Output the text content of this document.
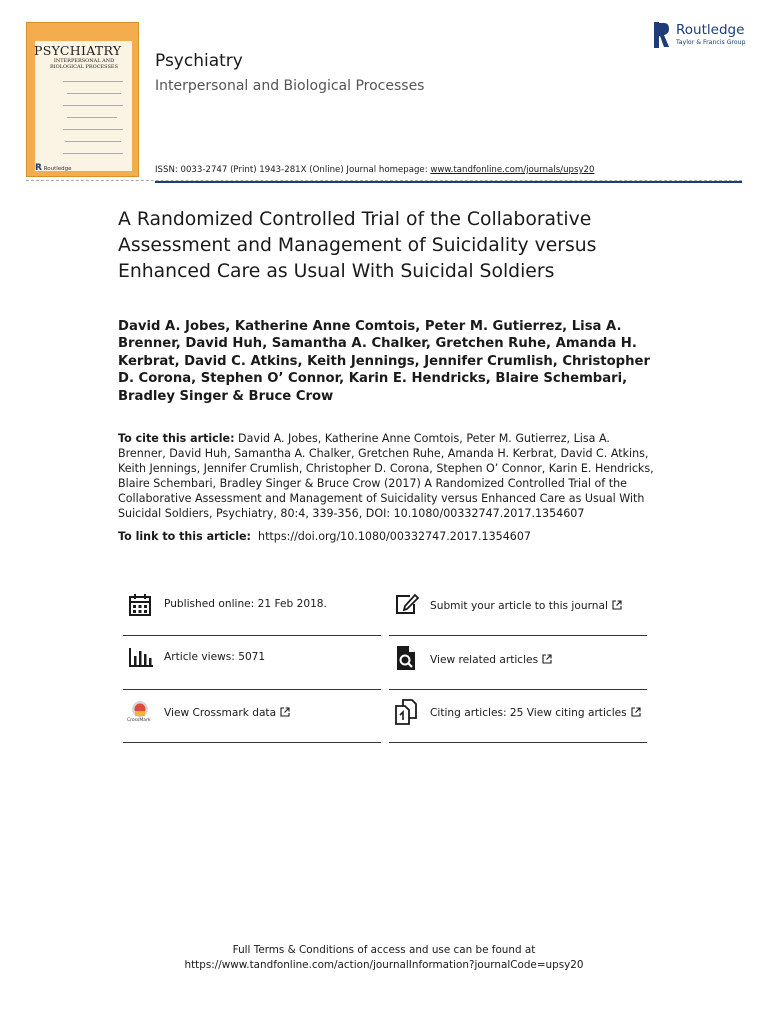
PSYCHIATRY
INTERPERSONAL AND BIOLOGICAL PROCESSES
R Routledge
Psychiatry
Interpersonal and Biological Processes
ISSN: 0033-2747 (Print) 1943-281X (Online) Journal homepage: www.tandfonline.com/journals/upsy20
Routledge
Taylor & Francis Group
A Randomized Controlled Trial of the Collaborative Assessment and Management of Suicidality versus Enhanced Care as Usual With Suicidal Soldiers
David A. Jobes, Katherine Anne Comtois, Peter M. Gutierrez, Lisa A. Brenner, David Huh, Samantha A. Chalker, Gretchen Ruhe, Amanda H. Kerbrat, David C. Atkins, Keith Jennings, Jennifer Crumlish, Christopher D. Corona, Stephen O’ Connor, Karin E. Hendricks, Blaire Schembari, Bradley Singer & Bruce Crow
To cite this article: David A. Jobes, Katherine Anne Comtois, Peter M. Gutierrez, Lisa A. Brenner, David Huh, Samantha A. Chalker, Gretchen Ruhe, Amanda H. Kerbrat, David C. Atkins, Keith Jennings, Jennifer Crumlish, Christopher D. Corona, Stephen O’ Connor, Karin E. Hendricks, Blaire Schembari, Bradley Singer & Bruce Crow (2017) A Randomized Controlled Trial of the Collaborative Assessment and Management of Suicidality versus Enhanced Care as Usual With Suicidal Soldiers, Psychiatry, 80:4, 339-356, DOI: 10.1080/00332747.2017.1354607
To link to this article: https://doi.org/10.1080/00332747.2017.1354607
Published online: 21 Feb 2018.	Submit your article to this journal
Article views: 5071	View related articles
CrossMark
View Crossmark data	Citing articles: 25 View citing articles
Full Terms & Conditions of access and use can be found at
https://www.tandfonline.com/action/journalInformation?journalCode=upsy20
